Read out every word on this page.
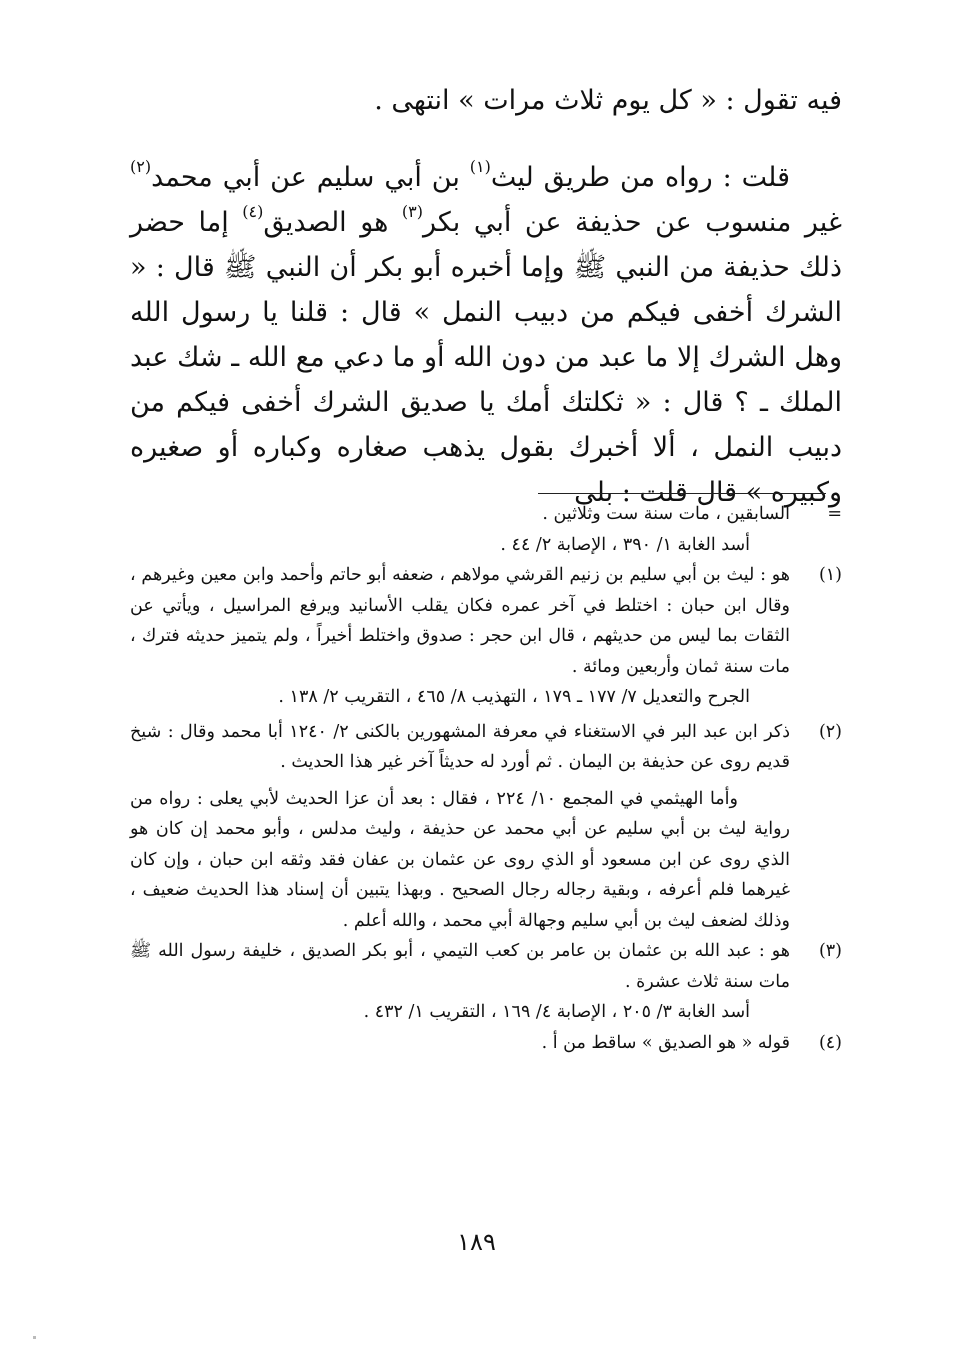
فيه تقول : « كل يوم ثلاث مرات » انتهى .

قلت : رواه من طريق ليث$^{(١)}$ بن أبي سليم عن أبي محمد$^{(٢)}$ غير منسوب عن حذيفة عن أبي بكر$^{(٣)}$ هو الصديق$^{(٤)}$ إما حضر ذلك حذيفة من النبي ﷺ وإما أخبره أبو بكر أن النبي ﷺ قال : « الشرك أخفى فيكم من دبيب النمل » قال : قلنا يا رسول الله وهل الشرك إلا ما عبد من دون الله أو ما دعي مع الله ـ شك عبد الملك ـ ؟ قال : « ثكلتك أمك يا صديق الشرك أخفى فيكم من دبيب النمل ، ألا أخبرك بقول يذهب صغاره وكباره أو صغيره وكبيره » قال قلت : بلى

=

السابقين ، مات سنة ست وثلاثين .

أسد الغابة ١/ ٣٩٠ ، الإصابة ٢/ ٤٤ .

(١)

هو : ليث بن أبي سليم بن زنيم القرشي مولاهم ، ضعفه أبو حاتم وأحمد وابن معين وغيرهم ، وقال ابن حبان : اختلط في آخر عمره فكان يقلب الأسانيد ويرفع المراسيل ، ويأتي عن الثقات بما ليس من حديثهم ، قال ابن حجر : صدوق واختلط أخيراً ، ولم يتميز حديثه فترك ، مات سنة ثمان وأربعين ومائة .

الجرح والتعديل ٧/ ١٧٧ ـ ١٧٩ ، التهذيب ٨/ ٤٦٥ ، التقريب ٢/ ١٣٨ .

(٢)

ذكر ابن عبد البر في الاستغناء في معرفة المشهورين بالكنى ٢/ ١٢٤٠ أبا محمد وقال : شيخ قديم روى عن حذيفة بن اليمان . ثم أورد له حديثاً آخر غير هذا الحديث .

وأما الهيثمي في المجمع ١٠/ ٢٢٤ ، فقال : بعد أن عزا الحديث لأبي يعلى : رواه من رواية ليث بن أبي سليم عن أبي محمد عن حذيفة ، وليث مدلس ، وأبو محمد إن كان هو الذي روى عن ابن مسعود أو الذي روى عن عثمان بن عفان فقد وثقه ابن حبان ، وإن كان غيرهما فلم أعرفه ، وبقية رجاله رجال الصحيح . وبهذا يتبين أن إسناد هذا الحديث ضعيف ، وذلك لضعف ليث بن أبي سليم وجهالة أبي محمد ، والله أعلم .

(٣)

هو : عبد الله بن عثمان بن عامر بن كعب التيمي ، أبو بكر الصديق ، خليفة رسول الله ﷺ مات سنة ثلاث عشرة .

أسد الغابة ٣/ ٢٠٥ ، الإصابة ٤/ ١٦٩ ، التقريب ١/ ٤٣٢ .

(٤)

قوله « هو الصديق » ساقط من أ .

١٨٩
